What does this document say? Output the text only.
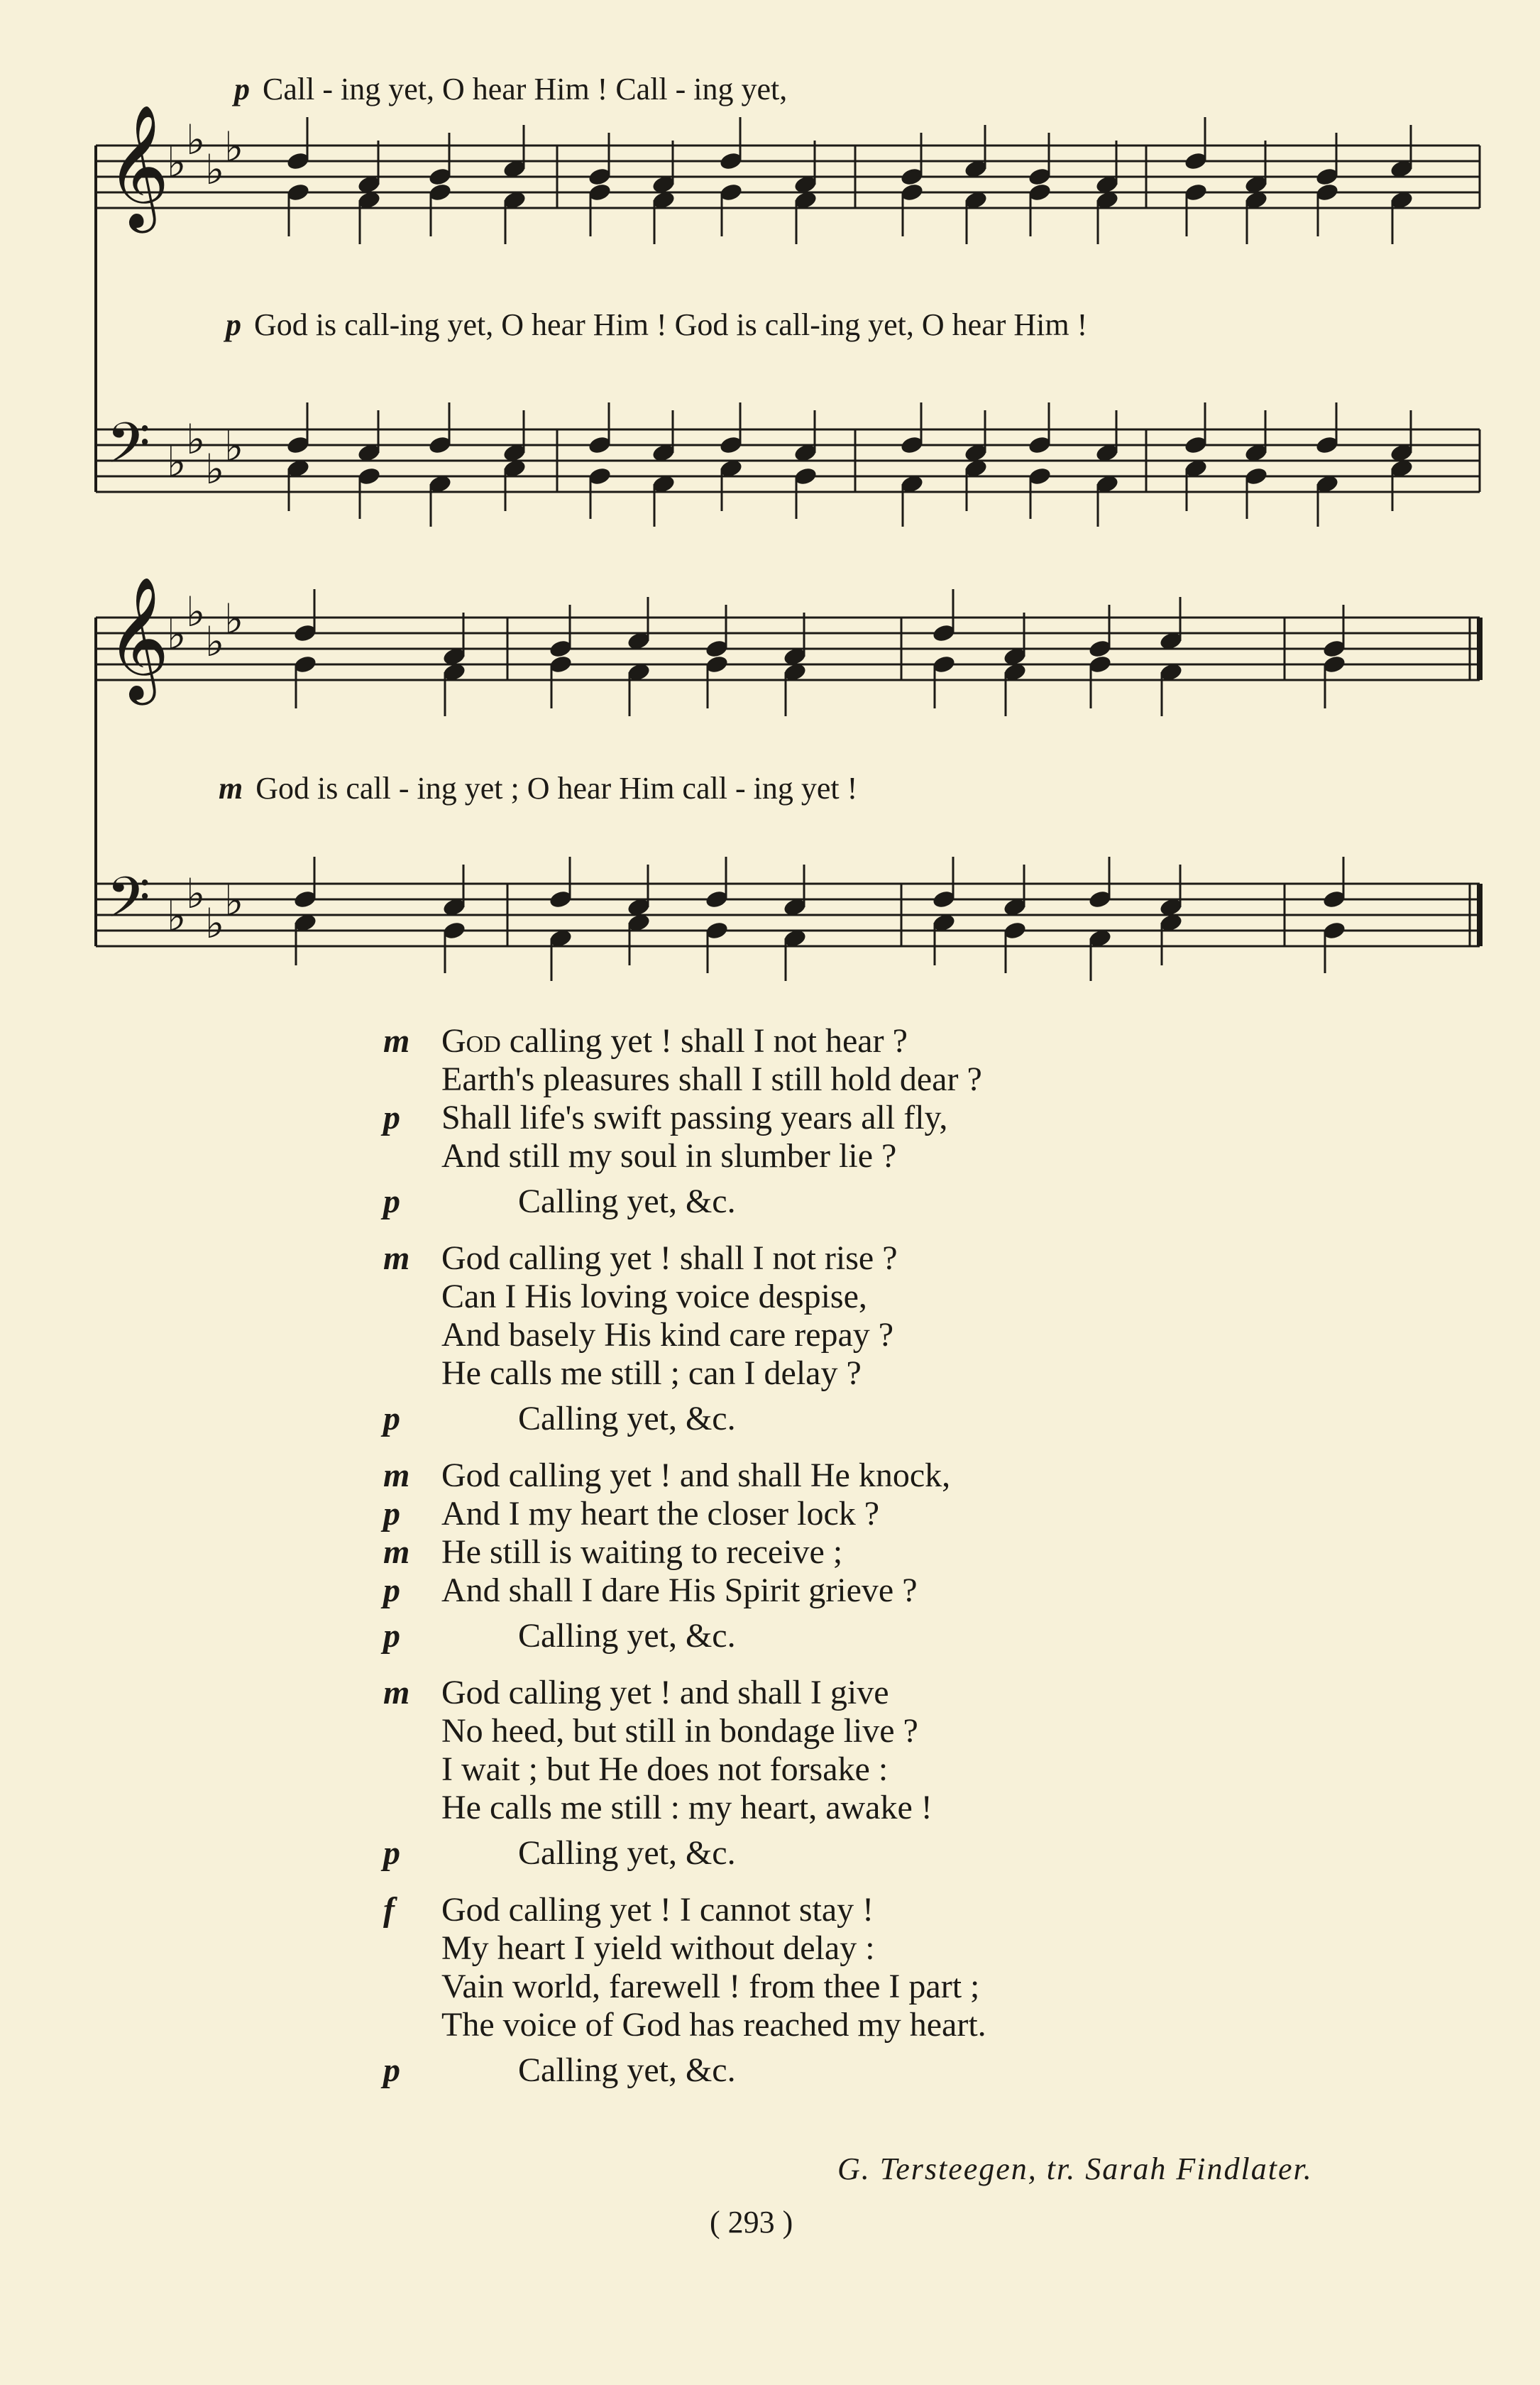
𝄞
𝄢
♭ ♭
♭ ♭
♭ ♭
♭ ♭
𝄞
𝄢
♭ ♭
♭ ♭
♭ ♭
♭ ♭
p Call - ing yet, O hear Him ! Call - ing yet,
p God is call-ing yet, O hear Him ! God is call-ing yet, O hear Him !
m God is call - ing yet ; O hear Him call - ing yet !
m God calling yet ! shall I not hear ?
Earth's pleasures shall I still hold dear ?
p	Shall life's swift passing years all fly,
And still my soul in slumber lie ?
p	Calling yet, &c.
m God calling yet ! shall I not rise ?
Can I His loving voice despise,
And basely His kind care repay ?
He calls me still ; can I delay ?
p	Calling yet, &c.
m God calling yet ! and shall He knock,
p	And I my heart the closer lock ?
m He still is waiting to receive ;
p	And shall I dare His Spirit grieve ?
p	Calling yet, &c.
m God calling yet ! and shall I give
No heed, but still in bondage live ?
I wait ; but He does not forsake :
He calls me still : my heart, awake !
p	Calling yet, &c.
f	God calling yet ! I cannot stay !
My heart I yield without delay :
Vain world, farewell ! from thee I part ;
The voice of God has reached my heart.
p	Calling yet, &c.
G. Tersteegen, tr. Sarah Findlater.
( 293 )
